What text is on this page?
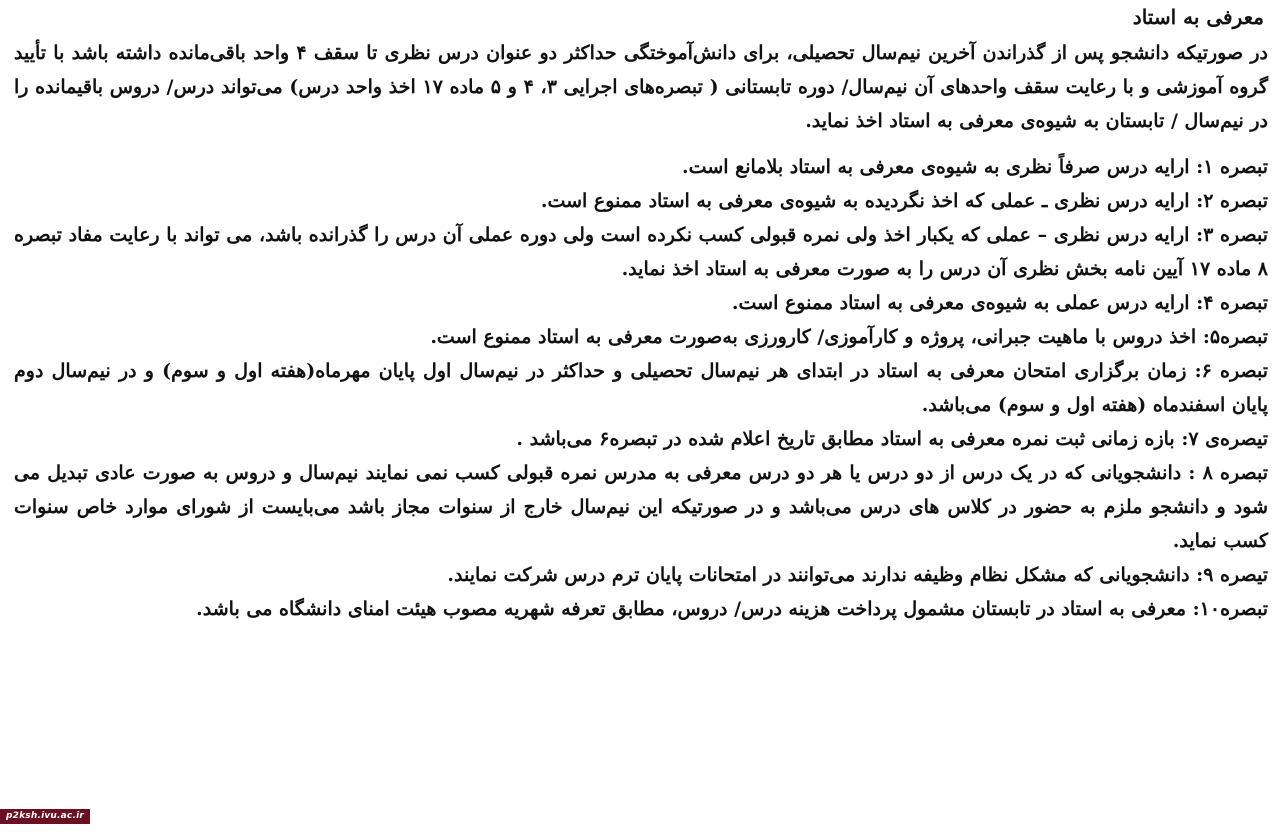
معرفی به استاد

در صورتیکه دانشجو پس از گذراندن آخرین نیم‌سال تحصیلی، برای دانش‌آموختگی حداکثر دو عنوان درس نظری تا سقف ۴ واحد باقی‌مانده داشته باشد با تأیید گروه آموزشی و با رعایت سقف واحدهای آن نیم‌سال/ دوره تابستانی ( تبصره‌های اجرایی ۳، ۴ و ۵ ماده ۱۷ اخذ واحد درس) می‌تواند درس/ دروس باقیمانده را در نیم‌سال / تابستان به شیوه‌ی معرفی به استاد اخذ نماید.

تبصره ۱: ارایه درس صرفاً نظری به شیوه‌ی معرفی به استاد بلامانع است.

تبصره ۲: ارایه درس نظری ـ عملی که اخذ نگردیده به شیوه‌ی معرفی به استاد ممنوع است.

تبصره ۳: ارایه درس نظری – عملی که یکبار اخذ ولی نمره قبولی کسب نکرده است ولی دوره عملی آن درس را گذرانده باشد، می تواند با رعایت مفاد تبصره ۸ ماده ۱۷ آیین نامه بخش نظری آن درس را به صورت معرفی به استاد اخذ نماید.

تبصره ۴: ارایه درس عملی به شیوه‌ی معرفی به استاد ممنوع است.

تبصره۵: اخذ دروس با ماهیت جبرانی، پروژه و کارآموزی/ کارورزی به‌صورت معرفی به استاد ممنوع است.

تبصره ۶: زمان برگزاری امتحان معرفی به استاد در ابتدای هر نیم‌سال تحصیلی و حداکثر در نیم‌سال اول پایان مهرماه(هفته اول و سوم) و در نیم‌سال دوم پایان اسفندماه (هفته اول و سوم) می‌باشد.

تیصره‌ی ۷: بازه زمانی ثبت نمره معرفی به استاد مطابق تاریخ اعلام شده در تبصره۶ می‌باشد .

تبصره ۸ : دانشجویانی که در یک درس از دو درس یا هر دو درس معرفی به مدرس نمره قبولی کسب نمی نمایند نیم‌سال و دروس به صورت عادی تبدیل می شود و دانشجو ملزم به حضور در کلاس های درس می‌باشد و در صورتیکه این نیم‌سال خارج از سنوات مجاز باشد می‌بایست از شورای موارد خاص سنوات کسب نماید.

تیصره ۹: دانشجویانی که مشکل نظام وظیفه ندارند می‌توانند در امتحانات پایان ترم درس شرکت نمایند.

تبصره۱۰: معرفی به استاد در تابستان مشمول پرداخت هزینه درس/ دروس، مطابق تعرفه شهریه مصوب هیئت امنای دانشگاه می باشد.

p2ksh.ivu.ac.ir
